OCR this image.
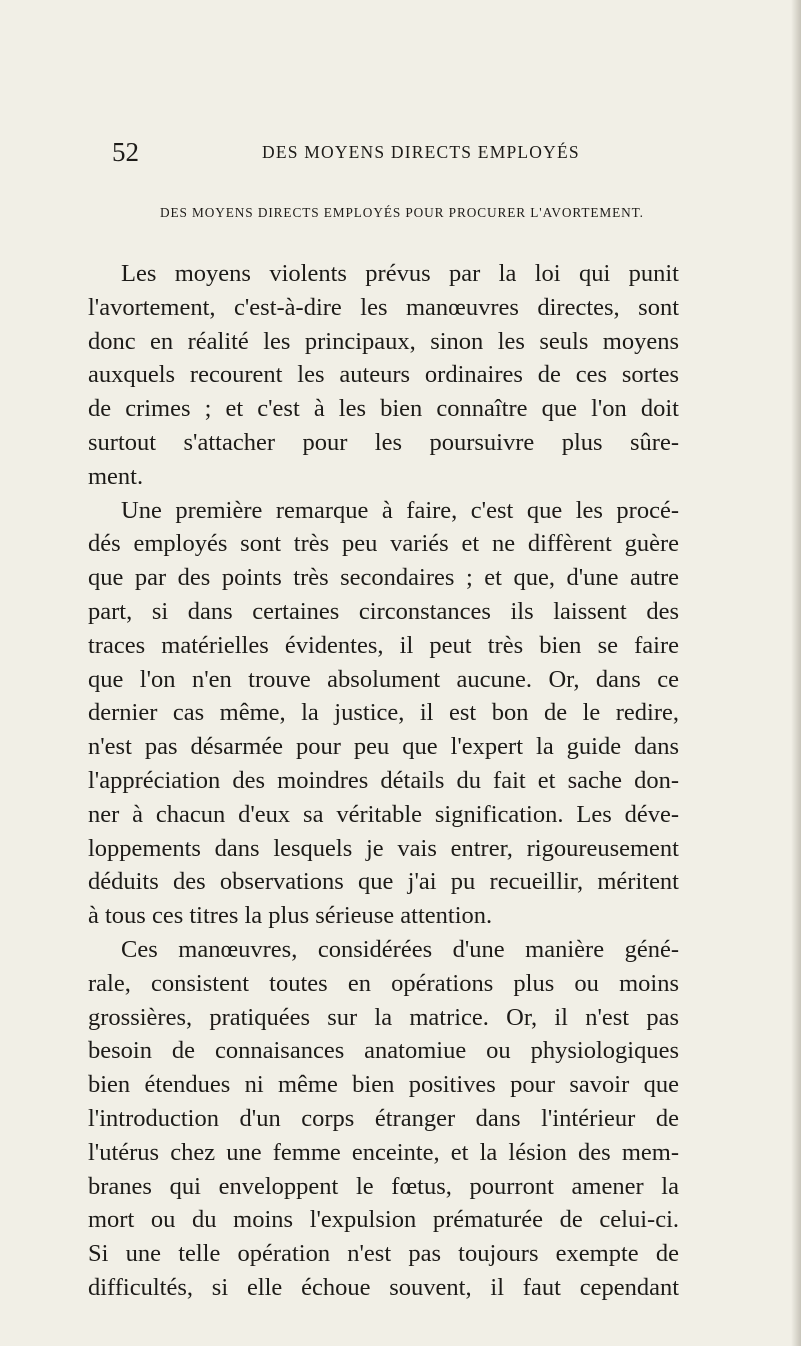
52	DES MOYENS DIRECTS EMPLOYÉS
DES MOYENS DIRECTS EMPLOYÉS POUR PROCURER L'AVORTEMENT.
Les moyens violents prévus par la loi qui punit
l'avortement, c'est-à-dire les manœuvres directes, sont
donc en réalité les principaux, sinon les seuls moyens
auxquels recourent les auteurs ordinaires de ces sortes
de crimes ; et c'est à les bien connaître que l'on doit
surtout s'attacher pour les poursuivre plus sûre-
ment.
Une première remarque à faire, c'est que les procé-
dés employés sont très peu variés et ne diffèrent guère
que par des points très secondaires ; et que, d'une autre
part, si dans certaines circonstances ils laissent des
traces matérielles évidentes, il peut très bien se faire
que l'on n'en trouve absolument aucune. Or, dans ce
dernier cas même, la justice, il est bon de le redire,
n'est pas désarmée pour peu que l'expert la guide dans
l'appréciation des moindres détails du fait et sache don-
ner à chacun d'eux sa véritable signification. Les déve-
loppements dans lesquels je vais entrer, rigoureusement
déduits des observations que j'ai pu recueillir, méritent
à tous ces titres la plus sérieuse attention.
Ces manœuvres, considérées d'une manière géné-
rale, consistent toutes en opérations plus ou moins
grossières, pratiquées sur la matrice. Or, il n'est pas
besoin de connaisances anatomiue ou physiologiques
bien étendues ni même bien positives pour savoir que
l'introduction d'un corps étranger dans l'intérieur de
l'utérus chez une femme enceinte, et la lésion des mem-
branes qui enveloppent le fœtus, pourront amener la
mort ou du moins l'expulsion prématurée de celui-ci.
Si une telle opération n'est pas toujours exempte de
difficultés, si elle échoue souvent, il faut cependant
